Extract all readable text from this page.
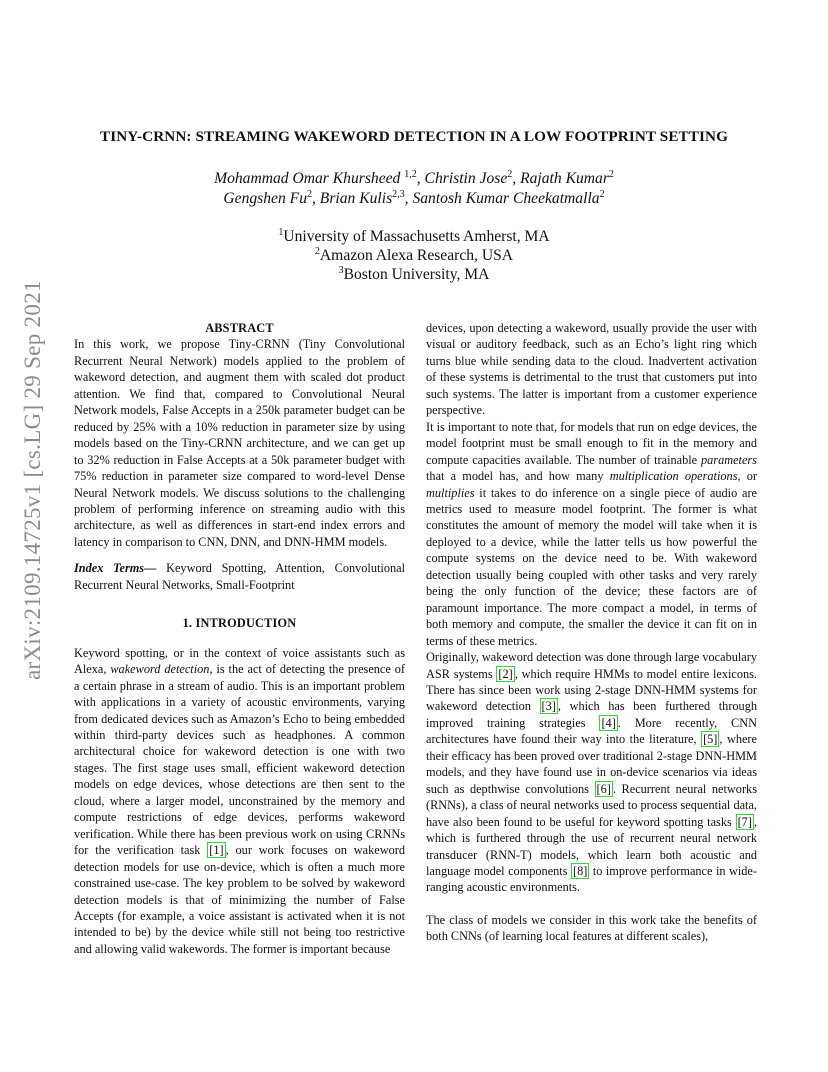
arXiv:2109.14725v1 [cs.LG] 29 Sep 2021
TINY-CRNN: STREAMING WAKEWORD DETECTION IN A LOW FOOTPRINT SETTING
Mohammad Omar Khursheed $^{1,2}$, Christin Jose$^2$, Rajath Kumar$^2$
Gengshen Fu$^2$, Brian Kulis$^{2,3}$, Santosh Kumar Cheekatmalla$^2$
$^1$University of Massachusetts Amherst, MA
$^2$Amazon Alexa Research, USA
$^3$Boston University, MA

ABSTRACT

In this work, we propose Tiny-CRNN (Tiny Convolutional Recurrent Neural Network) models applied to the problem of wakeword detection, and augment them with scaled dot product attention. We find that, compared to Convolutional Neural Network models, False Accepts in a 250k parameter budget can be reduced by 25% with a 10% reduction in parameter size by using models based on the Tiny-CRNN architecture, and we can get up to 32% reduction in False Accepts at a 50k parameter budget with 75% reduction in parameter size compared to word-level Dense Neural Network models. We discuss solutions to the challenging problem of performing inference on streaming audio with this architecture, as well as differences in start-end index errors and latency in comparison to CNN, DNN, and DNN-HMM models.

Index Terms— Keyword Spotting, Attention, Convolutional Recurrent Neural Networks, Small-Footprint

1. INTRODUCTION

Keyword spotting, or in the context of voice assistants such as Alexa, wakeword detection, is the act of detecting the presence of a certain phrase in a stream of audio. This is an important problem with applications in a variety of acoustic environments, varying from dedicated devices such as Amazon’s Echo to being embedded within third-party devices such as headphones. A common architectural choice for wakeword detection is one with two stages. The first stage uses small, efficient wakeword detection models on edge devices, whose detections are then sent to the cloud, where a larger model, unconstrained by the memory and compute restrictions of edge devices, performs wakeword verification. While there has been previous work on using CRNNs for the verification task [1] , our work focuses on wakeword detection models for use on-device, which is often a much more constrained use-case. The key problem to be solved by wakeword detection models is that of minimizing the number of False Accepts (for example, a voice assistant is activated when it is not intended to be) by the device while still not being too restrictive and allowing valid wakewords. The former is important because

devices, upon detecting a wakeword, usually provide the user with visual or auditory feedback, such as an Echo’s light ring which turns blue while sending data to the cloud. Inadvertent activation of these systems is detrimental to the trust that customers put into such systems. The latter is important from a customer experience perspective.

It is important to note that, for models that run on edge devices, the model footprint must be small enough to fit in the memory and compute capacities available. The number of trainable parameters that a model has, and how many multiplication operations, or multiplies it takes to do inference on a single piece of audio are metrics used to measure model footprint. The former is what constitutes the amount of memory the model will take when it is deployed to a device, while the latter tells us how powerful the compute systems on the device need to be. With wakeword detection usually being coupled with other tasks and very rarely being the only function of the device; these factors are of paramount importance. The more compact a model, in terms of both memory and compute, the smaller the device it can fit on in terms of these metrics.

Originally, wakeword detection was done through large vocabulary ASR systems [2] , which require HMMs to model entire lexicons. There has since been work using 2-stage DNN-HMM systems for wakeword detection [3] , which has been furthered through improved training strategies [4] . More recently, CNN architectures have found their way into the literature, [5] , where their efficacy has been proved over traditional 2-stage DNN-HMM models, and they have found use in on-device scenarios via ideas such as depthwise convolutions [6] . Recurrent neural networks (RNNs), a class of neural networks used to process sequential data, have also been found to be useful for keyword spotting tasks [7] , which is furthered through the use of recurrent neural network transducer (RNN-T) models, which learn both acoustic and language model components [8] to improve performance in wide-ranging acoustic environments.

The class of models we consider in this work take the benefits of both CNNs (of learning local features at different scales),
